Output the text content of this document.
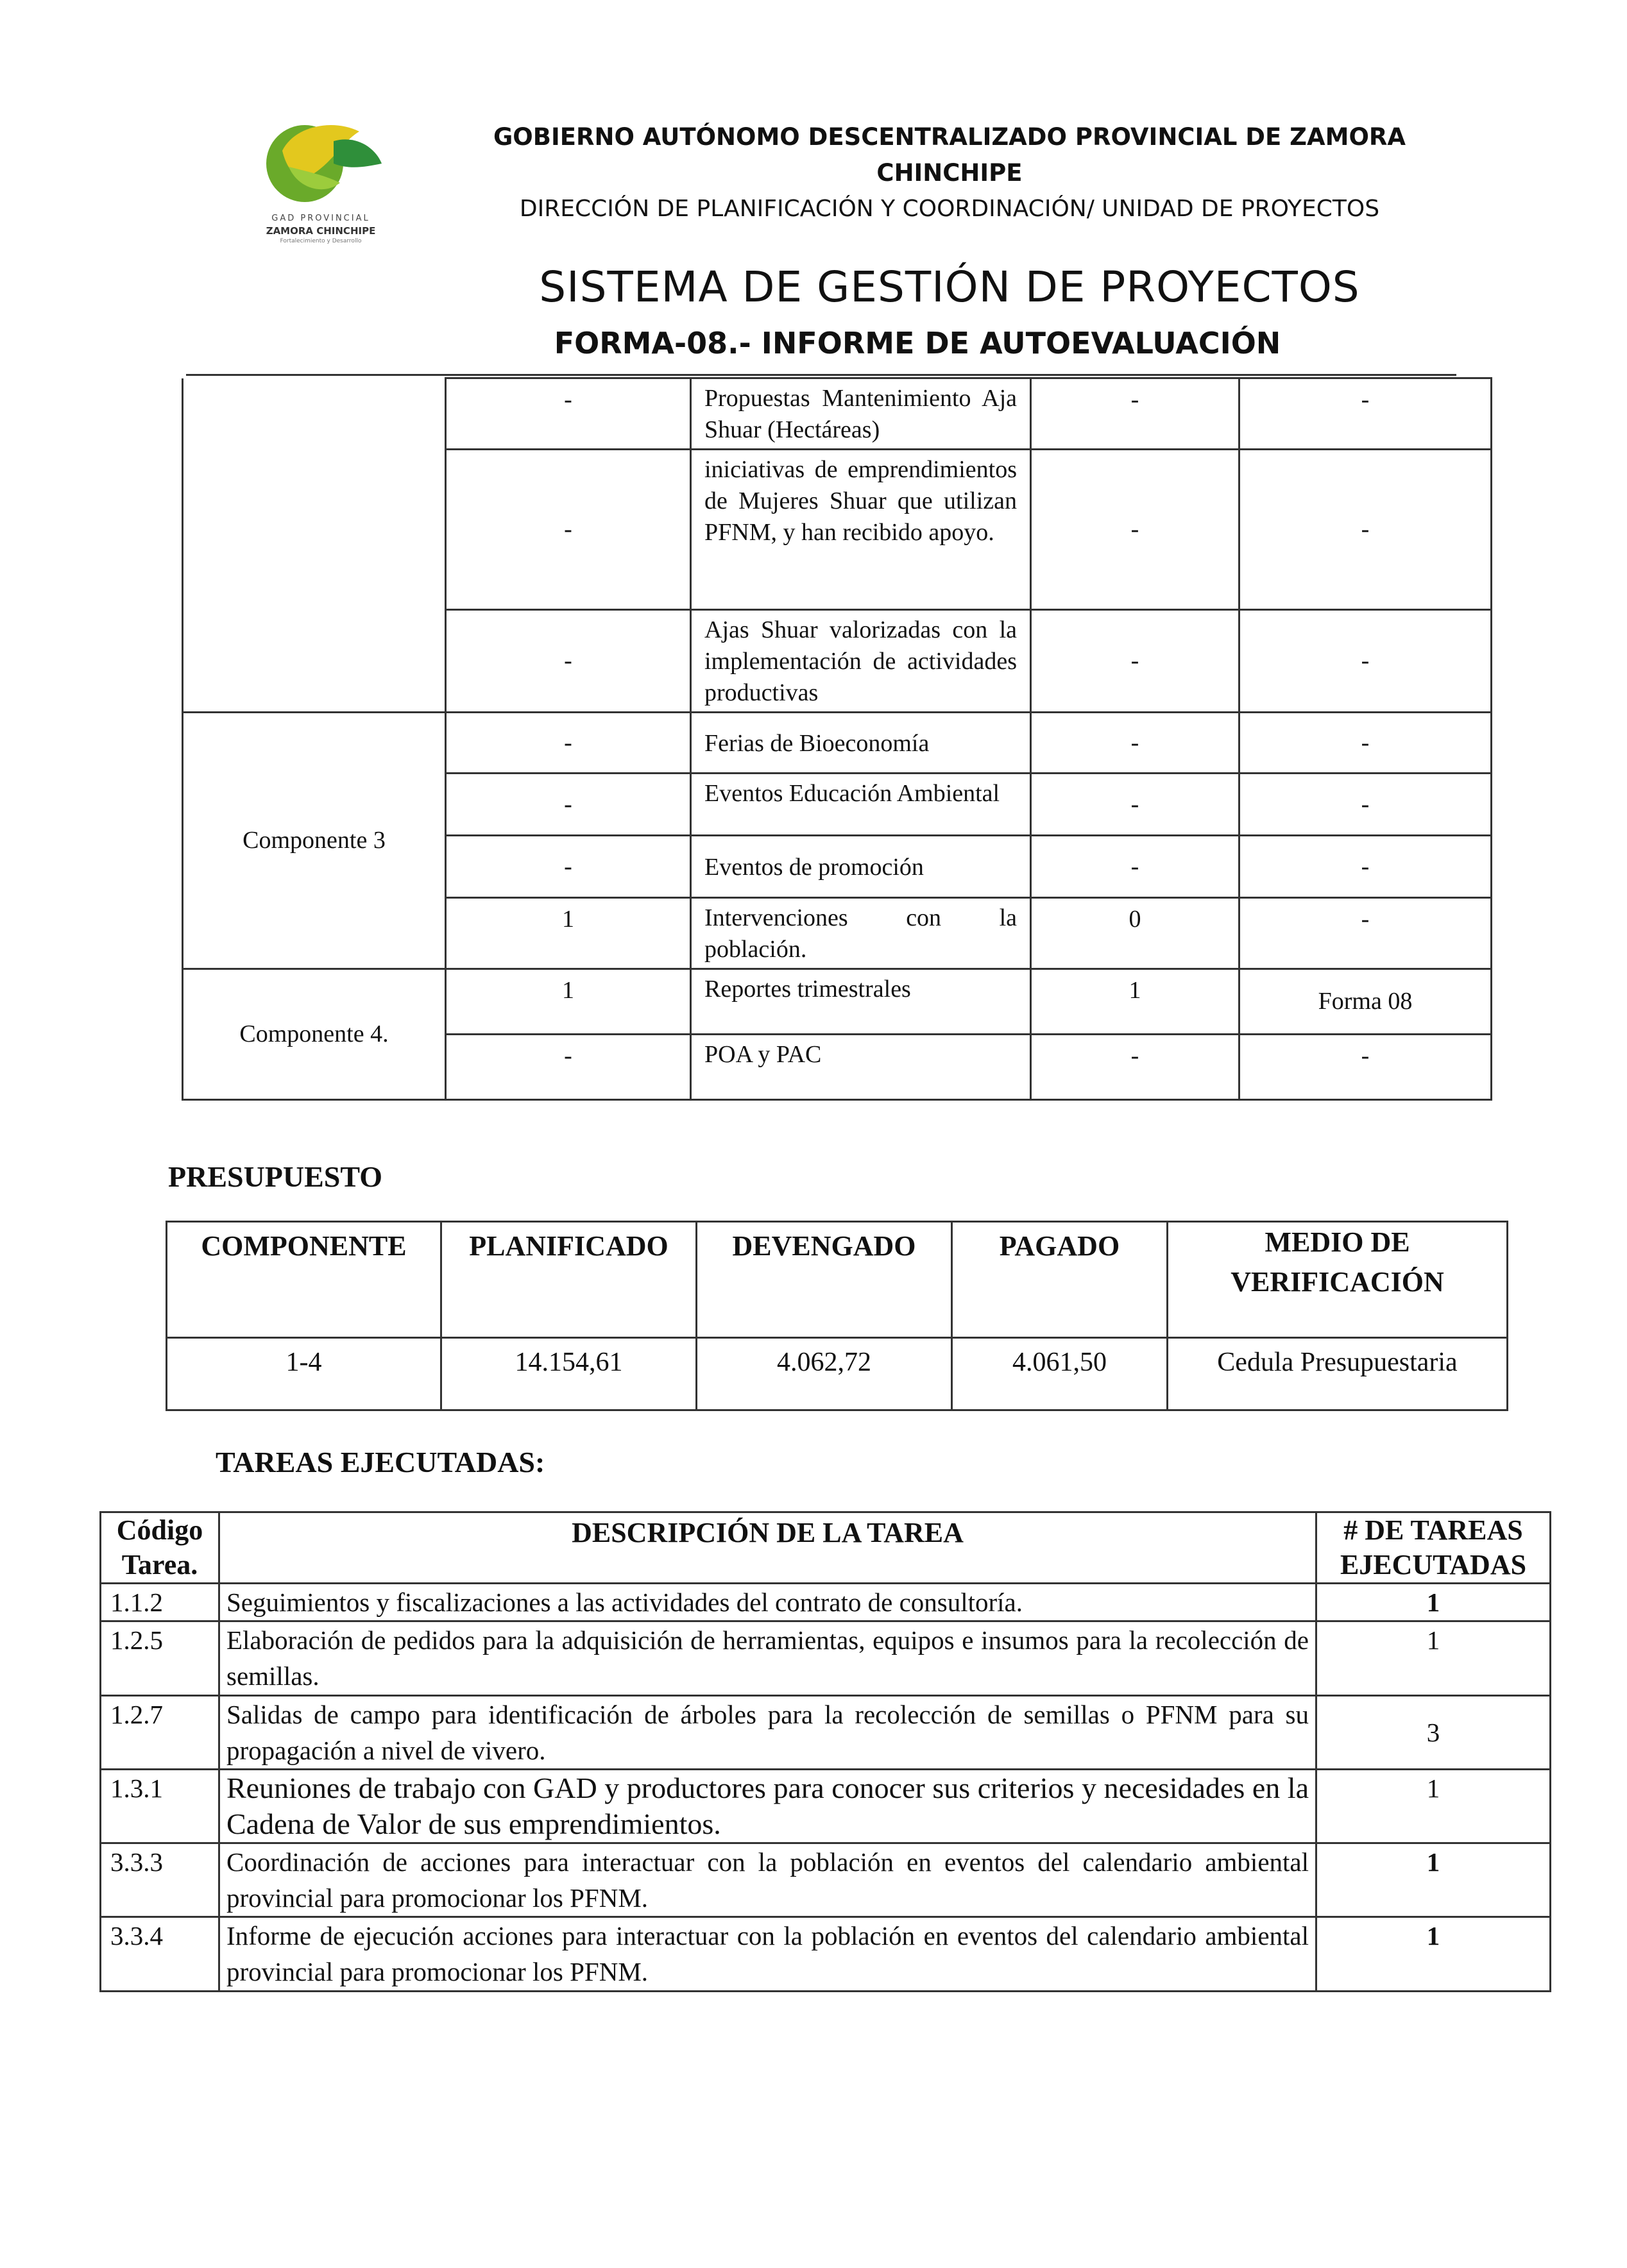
GAD PROVINCIAL
ZAMORA CHINCHIPE
Fortalecimiento y Desarrollo
GOBIERNO AUTÓNOMO DESCENTRALIZADO PROVINCIAL DE ZAMORA CHINCHIPE
DIRECCIÓN DE PLANIFICACIÓN Y COORDINACIÓN/ UNIDAD DE PROYECTOS
SISTEMA DE GESTIÓN DE PROYECTOS
FORMA-08.- INFORME DE AUTOEVALUACIÓN
	-	Propuestas Mantenimiento Aja Shuar (Hectáreas)	-	-
	-	iniciativas de emprendimientos de Mujeres Shuar que utilizan PFNM, y han recibido apoyo.	-	-
	-	Ajas Shuar valorizadas con la implementación de actividades productivas	-	-
Componente 3	-	Ferias de Bioeconomía	-	-
	-	Eventos Educación Ambiental	-	-
	-	Eventos de promoción	-	-
	1	Intervenciones con la población.	0	-
Componente 4.	1	Reportes trimestrales	1	Forma 08
	-	POA y PAC	-	-
PRESUPUESTO
COMPONENTE	PLANIFICADO	DEVENGADO	PAGADO	MEDIO DE VERIFICACIÓN
1-4	14.154,61	4.062,72	4.061,50	Cedula Presupuestaria
TAREAS EJECUTADAS:
Código Tarea.	DESCRIPCIÓN DE LA TAREA	# DE TAREAS EJECUTADAS
1.1.2	Seguimientos y fiscalizaciones a las actividades del contrato de consultoría.	1
1.2.5	Elaboración de pedidos para la adquisición de herramientas, equipos e insumos para la recolección de semillas.	1
1.2.7	Salidas de campo para identificación de árboles para la recolección de semillas o PFNM para su propagación a nivel de vivero.	3
1.3.1	Reuniones de trabajo con GAD y productores para conocer sus criterios y necesidades en la Cadena de Valor de sus emprendimientos.	1
3.3.3	Coordinación de acciones para interactuar con la población en eventos del calendario ambiental provincial para promocionar los PFNM.	1
3.3.4	Informe de ejecución acciones para interactuar con la población en eventos del calendario ambiental provincial para promocionar los PFNM.	1
